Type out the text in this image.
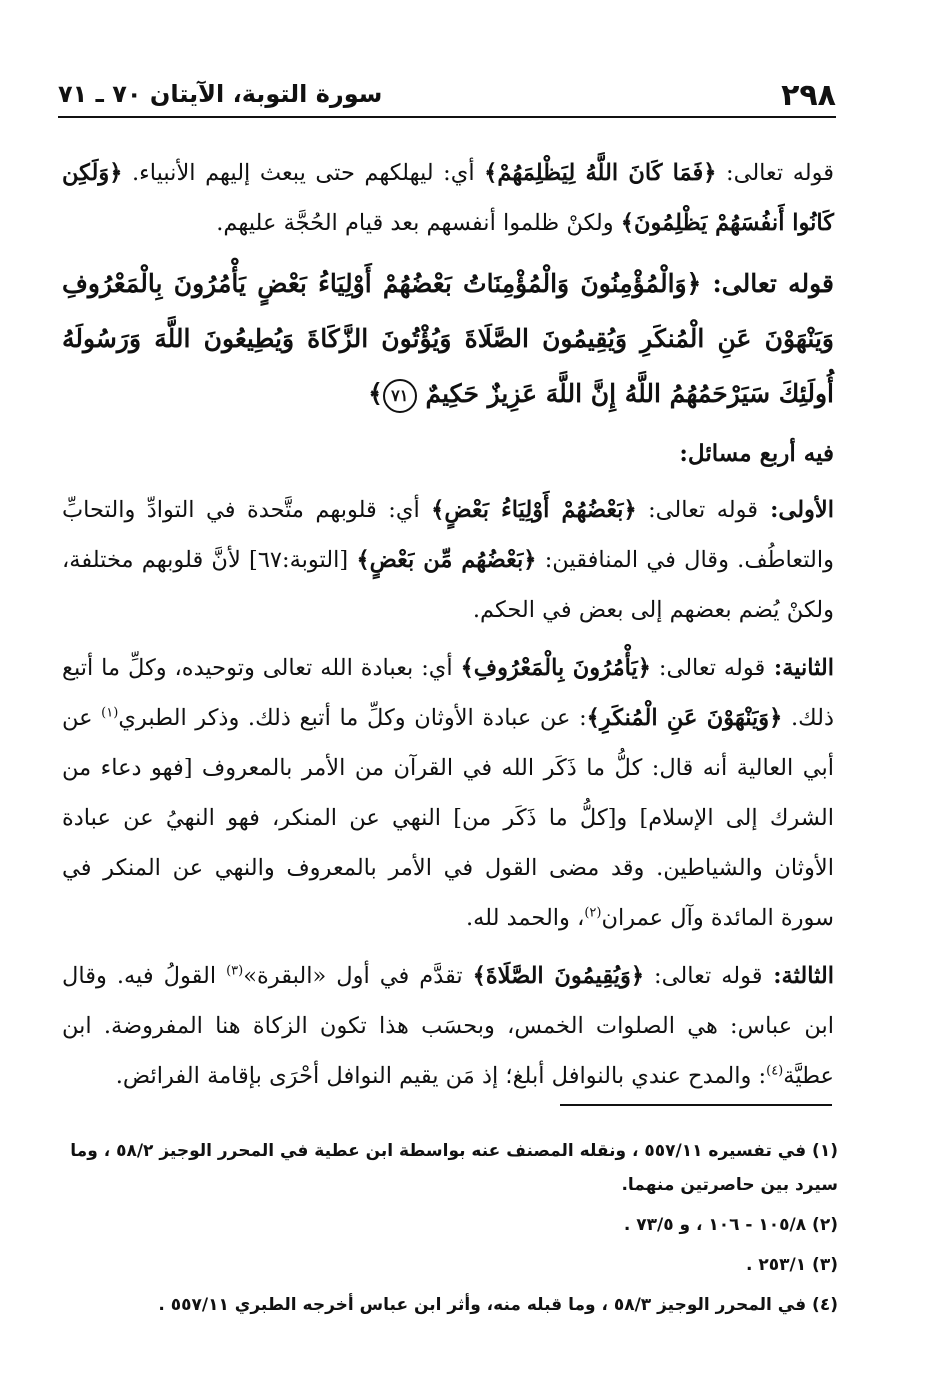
٢٩٨
سورة التوبة، الآيتان ٧٠ ـ ٧١

قوله تعالى: ﴿فَمَا كَانَ اللَّهُ لِيَظْلِمَهُمْ﴾ أي: ليهلكهم حتى يبعث إليهم الأنبياء. ﴿وَلَكِن كَانُوا أَنفُسَهُمْ يَظْلِمُونَ﴾ ولكنْ ظلموا أنفسهم بعد قيام الحُجَّة عليهم.

قوله تعالى: ﴿وَالْمُؤْمِنُونَ وَالْمُؤْمِنَاتُ بَعْضُهُمْ أَوْلِيَاءُ بَعْضٍ يَأْمُرُونَ بِالْمَعْرُوفِ وَيَنْهَوْنَ عَنِ الْمُنكَرِ وَيُقِيمُونَ الصَّلَاةَ وَيُؤْتُونَ الزَّكَاةَ وَيُطِيعُونَ اللَّهَ وَرَسُولَهُ أُولَئِكَ سَيَرْحَمُهُمُ اللَّهُ إِنَّ اللَّهَ عَزِيزٌ حَكِيمٌ ٧١﴾

فيه أربع مسائل:

الأولى: قوله تعالى: ﴿بَعْضُهُمْ أَوْلِيَاءُ بَعْضٍ﴾ أي: قلوبهم متَّحدة في التوادِّ والتحابِّ والتعاطُف. وقال في المنافقين: ﴿بَعْضُهُم مِّن بَعْضٍ﴾ [التوبة:٦٧] لأنَّ قلوبهم مختلفة، ولكنْ يُضم بعضهم إلى بعض في الحكم.

الثانية: قوله تعالى: ﴿يَأْمُرُونَ بِالْمَعْرُوفِ﴾ أي: بعبادة الله تعالى وتوحيده، وكلِّ ما أتبع ذلك. ﴿وَيَنْهَوْنَ عَنِ الْمُنكَرِ﴾: عن عبادة الأوثان وكلِّ ما أتبع ذلك. وذكر الطبري$^{(١)}$ عن أبي العالية أنه قال: كلُّ ما ذَكَر الله في القرآن من الأمر بالمعروف [فهو دعاء من الشرك إلى الإسلام] و[كلُّ ما ذَكَر من] النهي عن المنكر، فهو النهيُ عن عبادة الأوثان والشياطين. وقد مضى القول في الأمر بالمعروف والنهي عن المنكر في سورة المائدة وآل عمران$^{(٢)}$، والحمد لله.

الثالثة: قوله تعالى: ﴿وَيُقِيمُونَ الصَّلَاةَ﴾ تقدَّم في أول «البقرة»$^{(٣)}$ القولُ فيه. وقال ابن عباس: هي الصلوات الخمس، وبحسَب هذا تكون الزكاة هنا المفروضة. ابن عطيَّة$^{(٤)}$: والمدح عندي بالنوافل أبلغ؛ إذ مَن يقيم النوافل أحْرَى بإقامة الفرائض.

(١) في تفسيره ٥٥٧/١١ ، ونقله المصنف عنه بواسطة ابن عطية في المحرر الوجيز ٥٨/٢ ، وما سيرد بين حاصرتين منهما.

(٢) ١٠٥/٨ - ١٠٦ ، و ٧٣/٥ .

(٣) ٢٥٣/١ .

(٤) في المحرر الوجيز ٥٨/٣ ، وما قبله منه، وأثر ابن عباس أخرجه الطبري ٥٥٧/١١ .
